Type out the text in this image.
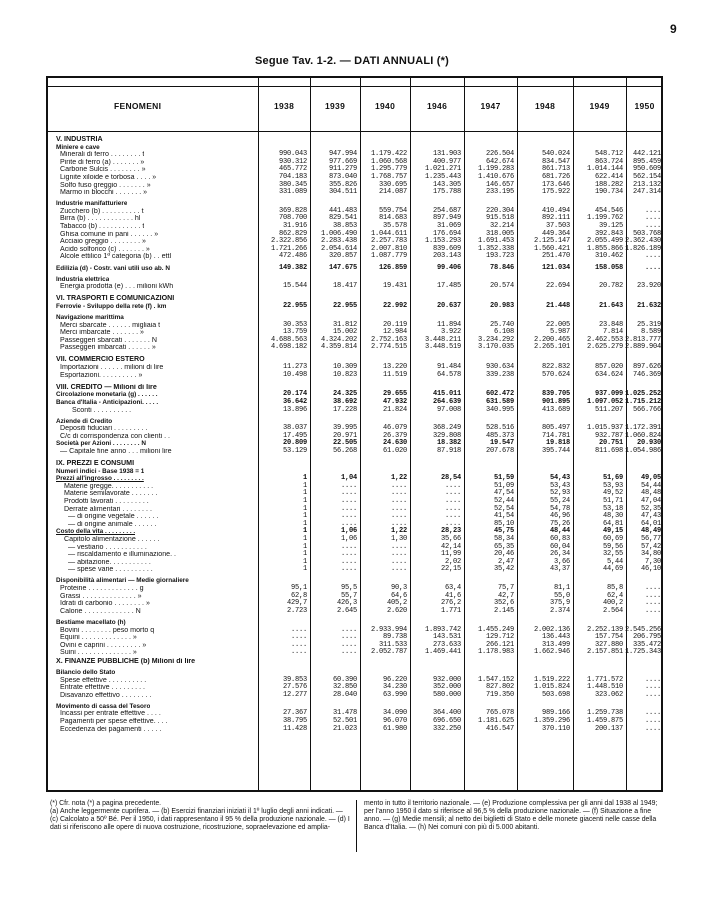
9
Segue Tav. 1-2. — DATI ANNUALI (*)
FENOMENI	1938	1939	1940	1946	1947	1948	1949	1950
V. INDUSTRIA
Miniere e cave
Minerali di ferro . . . . . . . . t	990.043	947.994	1.179.422	131.903	226.504	540.024	548.712	442.121
Pirite di ferro (a) . . . . . . . »	930.312	977.669	1.060.568	400.977	642.674	834.547	863.724	895.459
Carbone Sulcis . . . . . . . . »	465.772	911.279	1.295.779	1.021.271	1.199.283	861.713	1.014.144	950.609
Lignite xiloide e torbosa . . . . »	704.183	873.040	1.768.757	1.235.443	1.410.676	681.726	622.414	562.154
Solfo fuso greggio . . . . . . . »	380.345	355.826	330.695	143.305	146.657	173.646	188.282	213.132
Marmo in blocchi . . . . . . . »	331.089	304.511	214.087	175.788	233.195	175.922	190.734	247.314
Industrie manifatturiere
Zucchero (b) . . . . . . . . . . t	369.828	441.483	559.754	254.687	220.304	410.494	454.546	....
Birra (b) . . . . . . . . . . . . hl	708.700	829.541	814.683	897.949	915.518	892.111	1.199.762	....
Tabacco (b) . . . . . . . . . . . t	31.916	38.853	35.578	31.069	32.214	37.503	39.125	....
Ghisa comune in pani . . . . . . »	862.829	1.006.490	1.044.611	176.694	318.005	449.364	392.843	503.768
Acciaio greggio . . . . . . . . »	2.322.856	2.283.438	2.257.783	1.153.293	1.691.453	2.125.147	2.055.499 2.362.430
Acido solforico (c) . . . . . . . »	1.721.266	2.054.614	2.007.810	839.609	1.352.338	1.560.421	1.855.866 1.826.189
Alcole ettilico 1ª categoria (b) . . ettl	472.486	320.857	1.087.779	203.143	193.723	251.470	310.462	....
Edilizia (d) - Costr. vani utili uso ab. N	149.382	147.675	126.859	99.406	78.846	121.034	158.058	....
Industria elettrica
Energia prodotta (e) . . . milioni kWh	15.544	18.417	19.431	17.485	20.574	22.694	20.782	23.920
VI. TRASPORTI E COMUNICAZIONI
Ferrovie - Sviluppo della rete (f) . km	22.955	22.955	22.992	20.637	20.983	21.448	21.643	21.632
Navigazione marittima
Merci sbarcate . . . . . . migliaia t	30.353	31.812	20.119	11.894	25.740	22.005	23.848	25.319
Merci imbarcate . . . . . . . »	13.759	15.002	12.984	3.922	6.108	5.987	7.814	8.589
Passeggeri sbarcati . . . . . . . N	4.688.563	4.324.202	2.752.163	3.448.211	3.234.292	2.200.465	2.462.553 2.813.777
Passeggeri imbarcati . . . . . . »	4.698.182	4.359.814	2.774.515	3.448.519	3.170.035	2.265.101	2.625.279 2.889.904
VII. COMMERCIO ESTERO
Importazioni . . . . . . milioni di lire	11.273	10.309	13.220	91.484	930.634	822.832	857.020	897.626
Esportazioni. . . . . . . . . . »	10.498	10.823	11.519	64.578	339.238	570.624	634.624	746.369
VIII. CREDITO — Milioni di lire
Circolazione monetaria (g) . . . . . .	20.174	24.325	29.655	415.011	602.472	839.705	937.099 1.025.252
Banca d'Italia - Anticipazioni. . . . .	36.642	38.692	47.932	264.639	631.589	901.895	1.097.052 1.715.212
Sconti . . . . . . . . . .	13.896	17.228	21.824	97.008	340.995	413.689	511.207	566.766
Aziende di Credito
Depositi fiduciari . . . . . . . . .	38.037	39.995	46.079	368.249	528.516	805.497	1.015.937 1.172.391
C/c di corrispondenza con clienti . .	17.495	20.971	26.379	329.808	485.373	714.781	932.787 1.060.824
Società per Azioni . . . . . . . . N	20.809	22.505	24.630	18.382	19.547	19.818	20.751	20.930
— Capitale fine anno . . . milioni lire	53.129	56.268	61.020	87.918	207.678	395.744	811.698 1.054.986
IX. PREZZI E CONSUMI
Numeri indici - Base 1938 = 1
Prezzi all'ingrosso . . . . . . . . .	1	1,04	1,22	28,54	51,59	54,43	51,69	49,05
Materie gregge. . . . . . . . . . .	1	....	....	....	51,09	53,43	53,93	54,44
Materie semilavorate . . . . . . .	1	....	....	....	47,54	52,93	49,52	48,48
Prodotti lavorati . . . . . . . . .	1	....	....	....	52,44	55,24	51,71	47,04
Derrate alimentari . . . . . . . .	1	....	....	....	52,54	54,78	53,18	52,35
— di origine vegetale . . . . . .	1	....	....	....	41,54	46,96	48,30	47,43
— di origine animale . . . . . .	1	....	....	....	85,10	75,26	64,81	64,01
Costo della vita . . . . . . . . .	1	1,06	1,22	28,23	45,75	48,44	49,15	48,49
Capitolo alimentazione . . . . . .	1	1,06	1,30	35,66	58,34	60,83	60,69	56,77
— vestiario . . . . . . . . . . .	1	....	....	42,14	65,35	60,04	59,56	57,42
— riscaldamento e illuminazione. .	1	....	....	11,99	20,46	26,34	32,55	34,80
— abitazione. . . . . . . . . . .	1	....	....	2,02	2,47	3,66	5,44	7,30
— spese varie . . . . . . . . . .	1	....	....	22,15	35,42	43,37	44,69	46,10
Disponibilità alimentari — Medie giornaliere
Proteine . . . . . . . . . . . . . g	95,1	95,5	90,3	63,4	75,7	81,1	85,8	....
Grassi . . . . . . . . . . . . . . »	62,8	55,7	64,6	41,6	42,7	55,0	62,4	....
Idrati di carbonio . . . . . . . . »	429,7	426,3	405,2	276,2	352,6	375,9	400,2	....
Calorie . . . . . . . . . . . . . N	2.723	2.645	2.620	1.771	2.145	2.374	2.564	....
Bestiame macellato (h)
Bovini . . . . . . . . peso morto q	....	....	2.933.994	1.893.742	1.455.249	2.002.136	2.252.139 2.545.256
Equini . . . . . . . . . . . . . »	....	....	89.738	143.531	129.712	136.443	157.754	206.795
Ovini e caprini . . . . . . . . . »	....	....	311.533	273.633	266.121	313.499	327.880	335.472
Suini . . . . . . . . . . . . . . »	....	....	2.052.787	1.469.441	1.178.983	1.662.946	2.157.851 1.725.343
X. FINANZE PUBBLICHE (b) Milioni di lire
Bilancio dello Stato
Spese effettive . . . . . . . . . .	39.853	60.390	96.220	932.000	1.547.152	1.519.222	1.771.572	....
Entrate effettive . . . . . . . . .	27.576	32.850	34.230	352.000	827.802	1.015.824	1.448.510	....
Disavanzo effettivo . . . . . . . .	12.277	28.040	63.990	580.000	719.350	503.698	323.062	....
Movimento di cassa del Tesoro
Incassi per entrate effettive . . . .	27.367	31.478	34.090	364.400	765.078	989.166	1.259.738	....
Pagamenti per spese effettive. . . .	38.795	52.501	96.070	696.650	1.181.625	1.359.296	1.459.875	....
Eccedenza dei pagamenti . . . . .	11.428	21.023	61.980	332.250	416.547	370.110	200.137	....

(*) Cfr. nota (*) a pagina precedente.

(a) Anche leggermente cuprifera. — (b) Esercizi finanziari iniziati il 1º luglio degli anni indicati. — (c) Calcolato a 50º Bé. Per il 1950, i dati rappresentano il 95 % della produzione nazionale. — (d) I dati si riferiscono alle opere di nuova costruzione, ricostruzione, sopraelevazione ed amplia-

mento in tutto il territorio nazionale. — (e) Produzione complessiva per gli anni dal 1938 al 1949; per l'anno 1950 il dato si riferisce al 96,5 % della produzione nazionale. — (f) Situazione a fine anno. — (g) Medie mensili; al netto dei biglietti di Stato e delle monete giacenti nelle casse della Banca d'Italia. — (h) Nei comuni con più di 5.000 abitanti.
